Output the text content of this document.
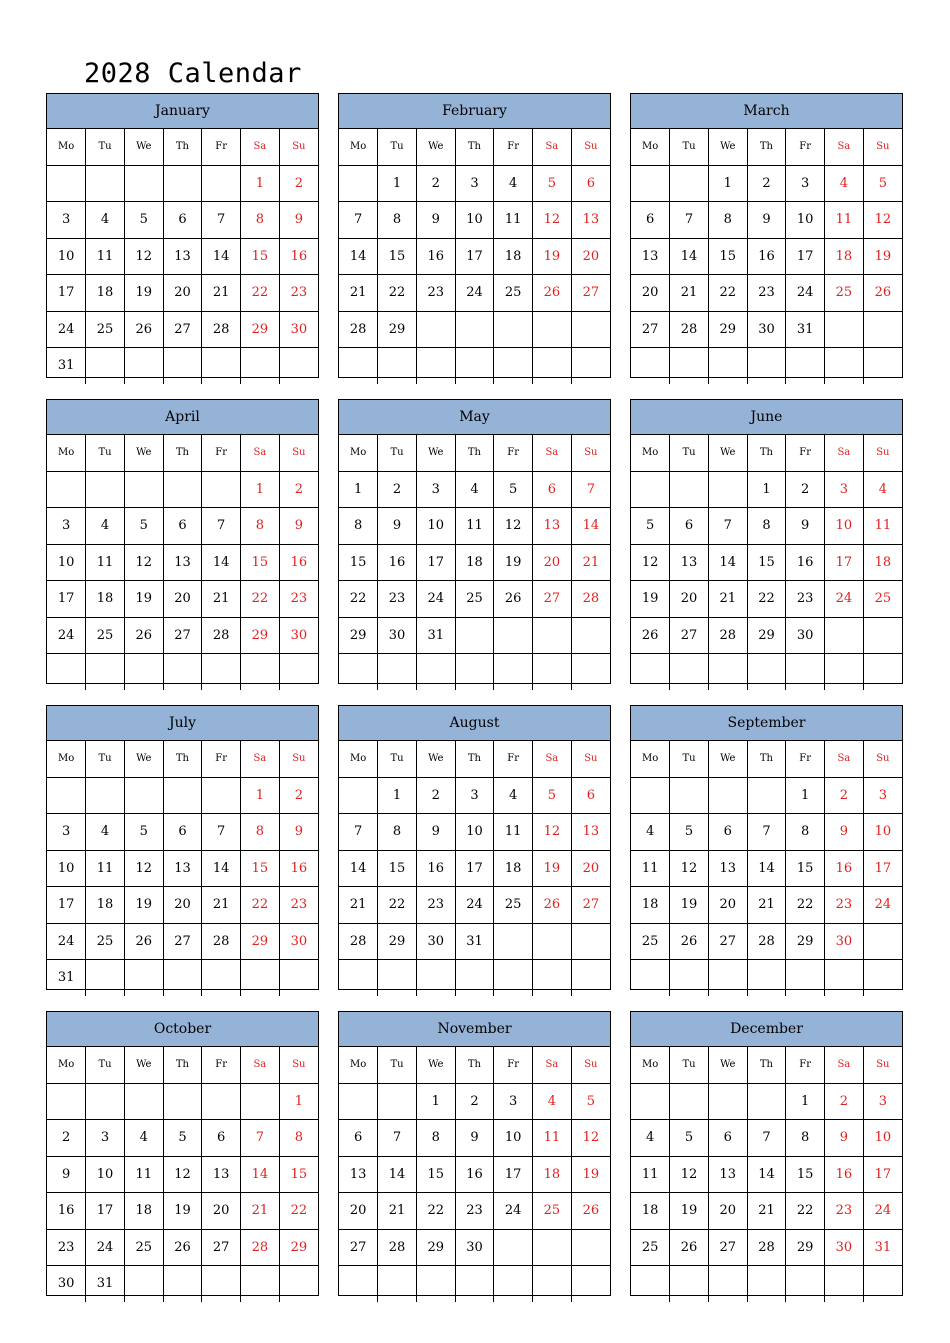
2028 Calendar
January
Mo	Tu	We	Th	Fr	Sa	Su
					1	2
3	4	5	6	7	8	9
10	11	12	13	14	15	16
17	18	19	20	21	22	23
24	25	26	27	28	29	30
31						
February
Mo	Tu	We	Th	Fr	Sa	Su
	1	2	3	4	5	6
7	8	9	10	11	12	13
14	15	16	17	18	19	20
21	22	23	24	25	26	27
28	29					

March
Mo	Tu	We	Th	Fr	Sa	Su
		1	2	3	4	5
6	7	8	9	10	11	12
13	14	15	16	17	18	19
20	21	22	23	24	25	26
27	28	29	30	31		

April
Mo	Tu	We	Th	Fr	Sa	Su
					1	2
3	4	5	6	7	8	9
10	11	12	13	14	15	16
17	18	19	20	21	22	23
24	25	26	27	28	29	30

May
Mo	Tu	We	Th	Fr	Sa	Su
1	2	3	4	5	6	7
8	9	10	11	12	13	14
15	16	17	18	19	20	21
22	23	24	25	26	27	28
29	30	31				

June
Mo	Tu	We	Th	Fr	Sa	Su
			1	2	3	4
5	6	7	8	9	10	11
12	13	14	15	16	17	18
19	20	21	22	23	24	25
26	27	28	29	30		

July
Mo	Tu	We	Th	Fr	Sa	Su
					1	2
3	4	5	6	7	8	9
10	11	12	13	14	15	16
17	18	19	20	21	22	23
24	25	26	27	28	29	30
31						
August
Mo	Tu	We	Th	Fr	Sa	Su
	1	2	3	4	5	6
7	8	9	10	11	12	13
14	15	16	17	18	19	20
21	22	23	24	25	26	27
28	29	30	31			

September
Mo	Tu	We	Th	Fr	Sa	Su
				1	2	3
4	5	6	7	8	9	10
11	12	13	14	15	16	17
18	19	20	21	22	23	24
25	26	27	28	29	30	

October
Mo	Tu	We	Th	Fr	Sa	Su
						1
2	3	4	5	6	7	8
9	10	11	12	13	14	15
16	17	18	19	20	21	22
23	24	25	26	27	28	29
30	31					
November
Mo	Tu	We	Th	Fr	Sa	Su
		1	2	3	4	5
6	7	8	9	10	11	12
13	14	15	16	17	18	19
20	21	22	23	24	25	26
27	28	29	30			

December
Mo	Tu	We	Th	Fr	Sa	Su
				1	2	3
4	5	6	7	8	9	10
11	12	13	14	15	16	17
18	19	20	21	22	23	24
25	26	27	28	29	30	31
